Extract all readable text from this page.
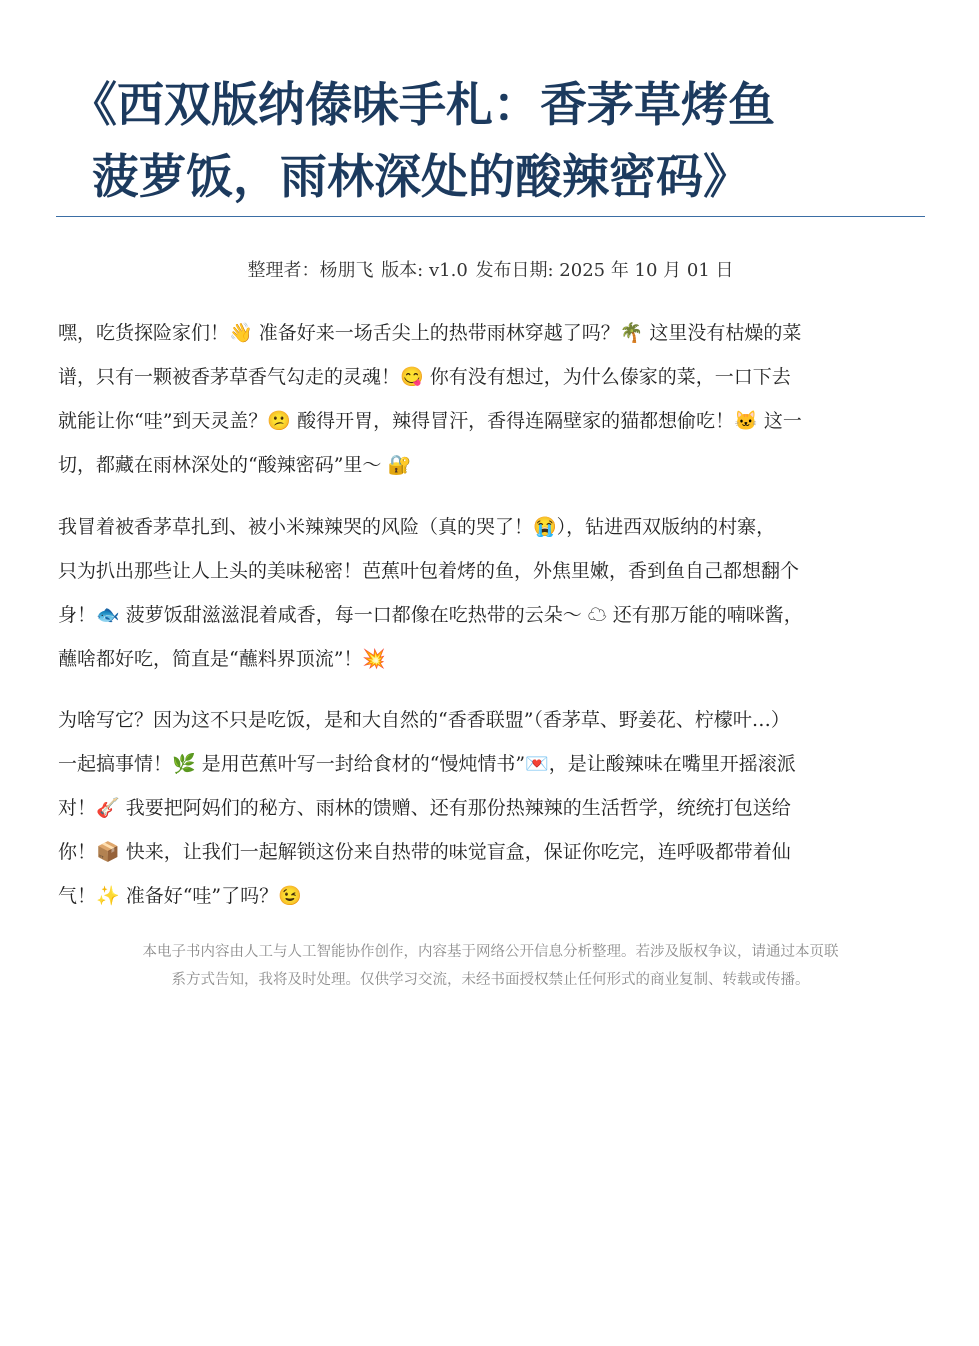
《西双版纳傣味手札：香茅草烤鱼
菠萝饭，雨林深处的酸辣密码》
整理者：杨朋飞 版本: v1.0 发布日期: 2025 年 10 月 01 日

嘿，吃货探险家们！👋 准备好来一场舌尖上的热带雨林穿越了吗？🌴 这里没有枯燥的菜
谱，只有一颗被香茅草香气勾走的灵魂！😋 你有没有想过，为什么傣家的菜，一口下去
就能让你“哇”到天灵盖？😕 酸得开胃，辣得冒汗，香得连隔壁家的猫都想偷吃！🐱 这一
切，都藏在雨林深处的“酸辣密码”里～ 🔐

我冒着被香茅草扎到、被小米辣辣哭的风险（真的哭了！😭），钻进西双版纳的村寨，
只为扒出那些让人上头的美味秘密！芭蕉叶包着烤的鱼，外焦里嫩，香到鱼自己都想翻个
身！🐟 菠萝饭甜滋滋混着咸香，每一口都像在吃热带的云朵～ ☁ 还有那万能的喃咪酱，
蘸啥都好吃，简直是“蘸料界顶流”！💥

为啥写它？因为这不只是吃饭，是和大自然的“香香联盟”（香茅草、野姜花、柠檬叶…）
一起搞事情！🌿 是用芭蕉叶写一封给食材的“慢炖情书”💌，是让酸辣味在嘴里开摇滚派
对！🎸 我要把阿妈们的秘方、雨林的馈赠、还有那份热辣辣的生活哲学，统统打包送给
你！📦 快来，让我们一起解锁这份来自热带的味觉盲盒，保证你吃完，连呼吸都带着仙
气！✨ 准备好“哇”了吗？😉

本电子书内容由人工与人工智能协作创作，内容基于网络公开信息分析整理。若涉及版权争议，请通过本页联
系方式告知，我将及时处理。仅供学习交流，未经书面授权禁止任何形式的商业复制、转载或传播。
